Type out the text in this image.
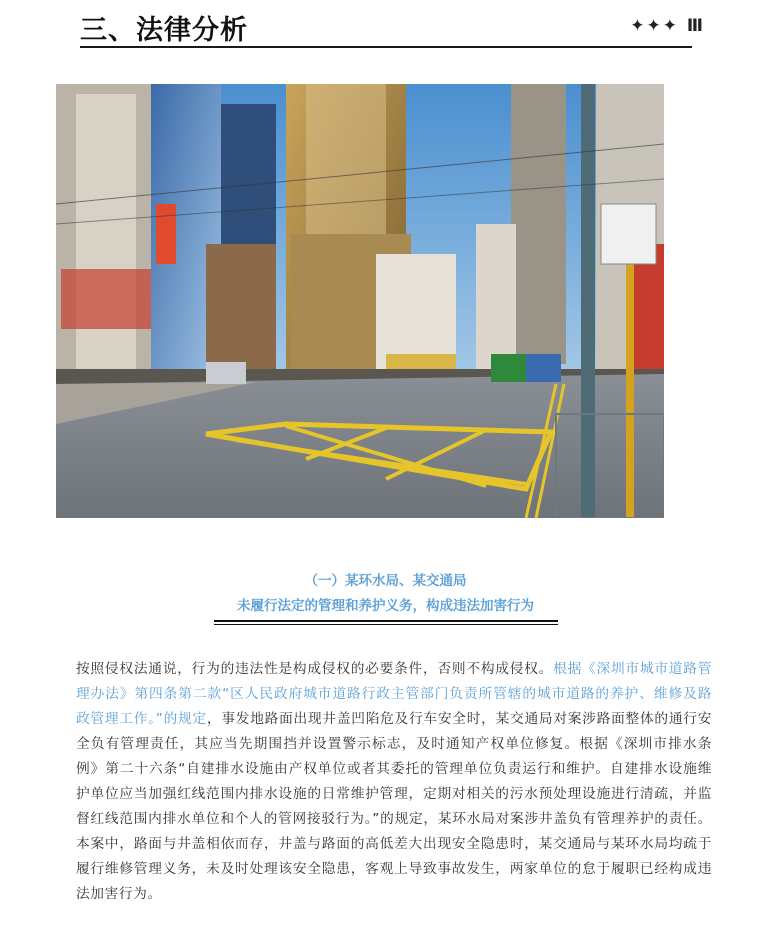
三、法律分析	✦✦✦ Ⅲ
（一）某环水局、某交通局
未履行法定的管理和养护义务，构成违法加害行为
按照侵权法通说，行为的违法性是构成侵权的必要条件，否则不构成侵权。根据《深圳市城市道路管理办法》第四条第二款“区人民政府城市道路行政主管部门负责所管辖的城市道路的养护、维修及路政管理工作。”的规定，事发地路面出现井盖凹陷危及行车安全时，某交通局对案涉路面整体的通行安全负有管理责任，其应当先期围挡并设置警示标志，及时通知产权单位修复。根据《深圳市排水条例》第二十六条“自建排水设施由产权单位或者其委托的管理单位负责运行和维护。自建排水设施维护单位应当加强红线范围内排水设施的日常维护管理，定期对相关的污水预处理设施进行清疏，并监督红线范围内排水单位和个人的管网接驳行为。”的规定，某环水局对案涉井盖负有管理养护的责任。本案中，路面与井盖相依而存，井盖与路面的高低差大出现安全隐患时，某交通局与某环水局均疏于履行维修管理义务，未及时处理该安全隐患，客观上导致事故发生，两家单位的怠于履职已经构成违法加害行为。
